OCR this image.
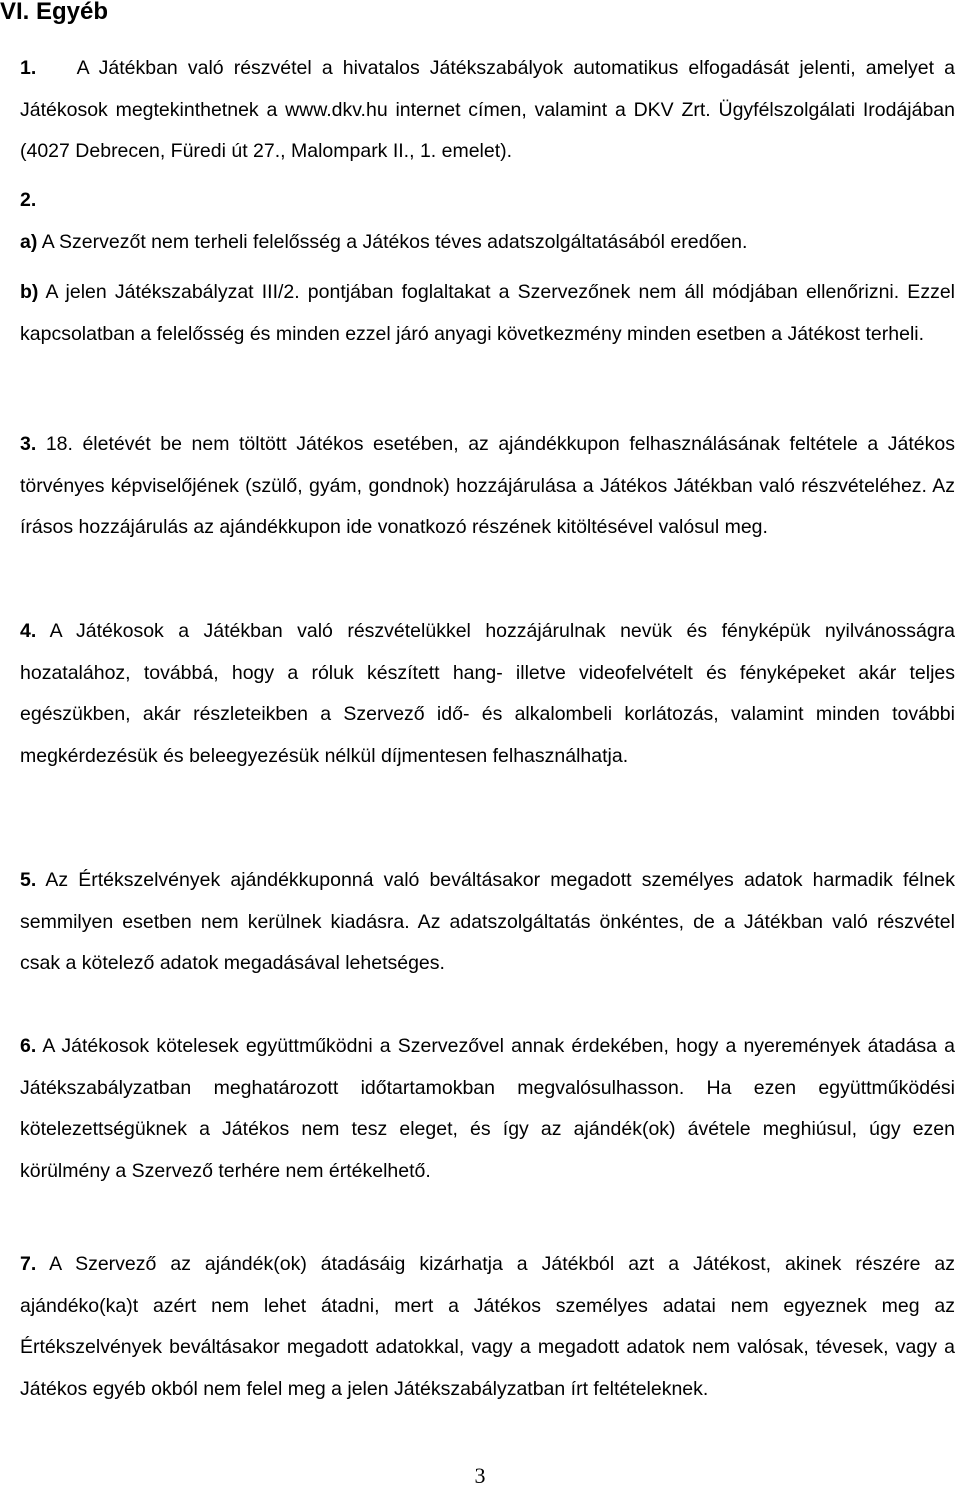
VI. Egyéb
1. A Játékban való részvétel a hivatalos Játékszabályok automatikus elfogadását jelenti, amelyet a Játékosok megtekinthetnek a www.dkv.hu internet címen, valamint a DKV Zrt. Ügyfélszolgálati Irodájában (4027 Debrecen, Füredi út 27., Malompark II., 1. emelet).
2.
a) A Szervezőt nem terheli felelősség a Játékos téves adatszolgáltatásából eredően.
b) A jelen Játékszabályzat III/2. pontjában foglaltakat a Szervezőnek nem áll módjában ellenőrizni. Ezzel kapcsolatban a felelősség és minden ezzel járó anyagi következmény minden esetben a Játékost terheli.
3. 18. életévét be nem töltött Játékos esetében, az ajándékkupon felhasználásának feltétele a Játékos törvényes képviselőjének (szülő, gyám, gondnok) hozzájárulása a Játékos Játékban való részvételéhez. Az írásos hozzájárulás az ajándékkupon ide vonatkozó részének kitöltésével valósul meg.
4. A Játékosok a Játékban való részvételükkel hozzájárulnak nevük és fényképük nyilvánosságra hozatalához, továbbá, hogy a róluk készített hang- illetve videofelvételt és fényképeket akár teljes egészükben, akár részleteikben a Szervező idő- és alkalombeli korlátozás, valamint minden további megkérdezésük és beleegyezésük nélkül díjmentesen felhasználhatja.
5. Az Értékszelvények ajándékkuponná való beváltásakor megadott személyes adatok harmadik félnek semmilyen esetben nem kerülnek kiadásra. Az adatszolgáltatás önkéntes, de a Játékban való részvétel csak a kötelező adatok megadásával lehetséges.
6. A Játékosok kötelesek együttműködni a Szervezővel annak érdekében, hogy a nyeremények átadása a Játékszabályzatban meghatározott időtartamokban megvalósulhasson. Ha ezen együttműködési kötelezettségüknek a Játékos nem tesz eleget, és így az ajándék(ok) ávétele meghiúsul, úgy ezen körülmény a Szervező terhére nem értékelhető.
7. A Szervező az ajándék(ok) átadásáig kizárhatja a Játékból azt a Játékost, akinek részére az ajándéko(ka)t azért nem lehet átadni, mert a Játékos személyes adatai nem egyeznek meg az Értékszelvények beváltásakor megadott adatokkal, vagy a megadott adatok nem valósak, tévesek, vagy a Játékos egyéb okból nem felel meg a jelen Játékszabályzatban írt feltételeknek.
3
